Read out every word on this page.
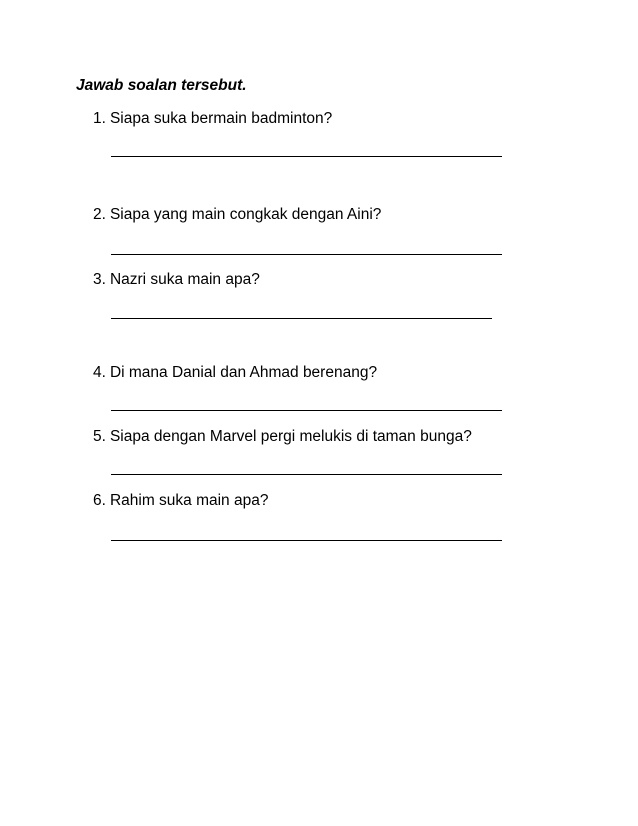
Jawab soalan tersebut.
1. Siapa suka bermain badminton?
2. Siapa yang main congkak dengan Aini?
3. Nazri suka main apa?
4. Di mana Danial dan Ahmad berenang?
5. Siapa dengan Marvel pergi melukis di taman bunga?
6. Rahim suka main apa?
